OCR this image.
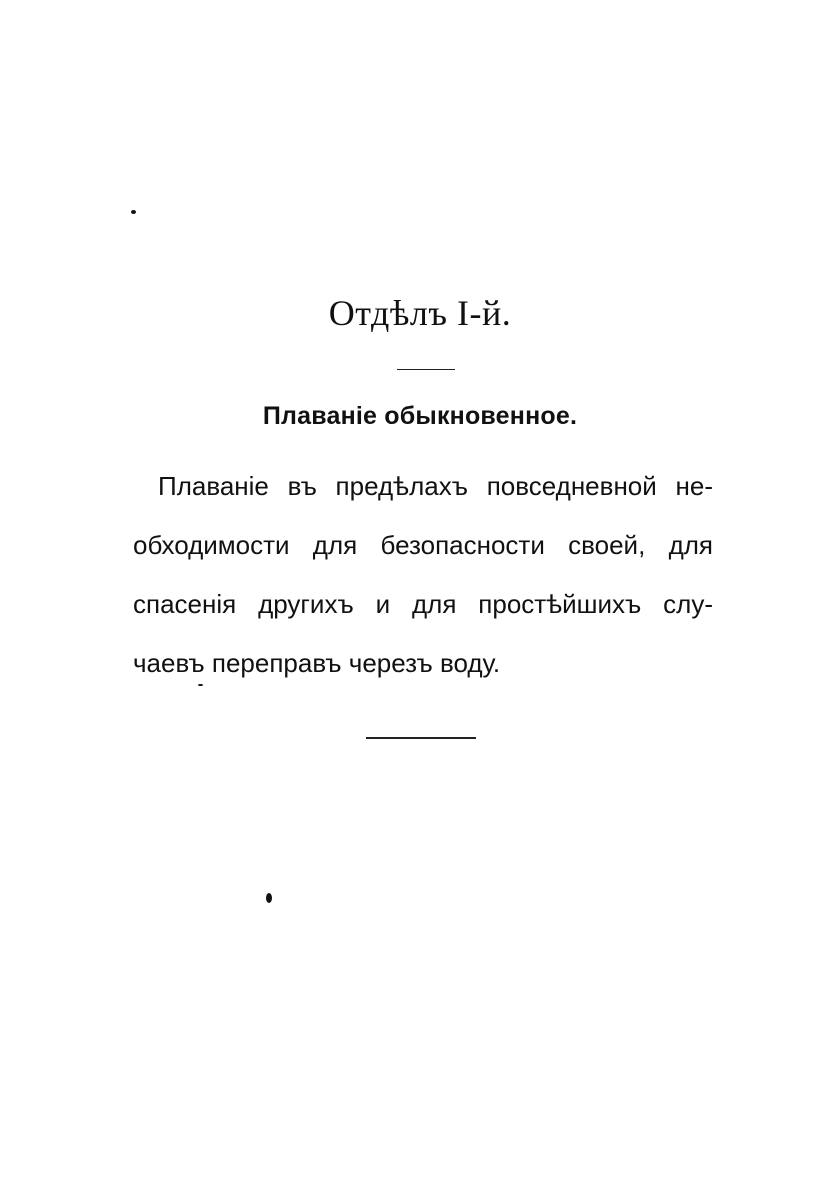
Отдѣлъ I-й.
Плаваніе обыкновенное.

Плаваніе въ предѣлахъ повседневной не-
обходимости для безопасности своей, для
спасенія другихъ и для простѣйшихъ слу-
чаевъ переправъ черезъ воду.
